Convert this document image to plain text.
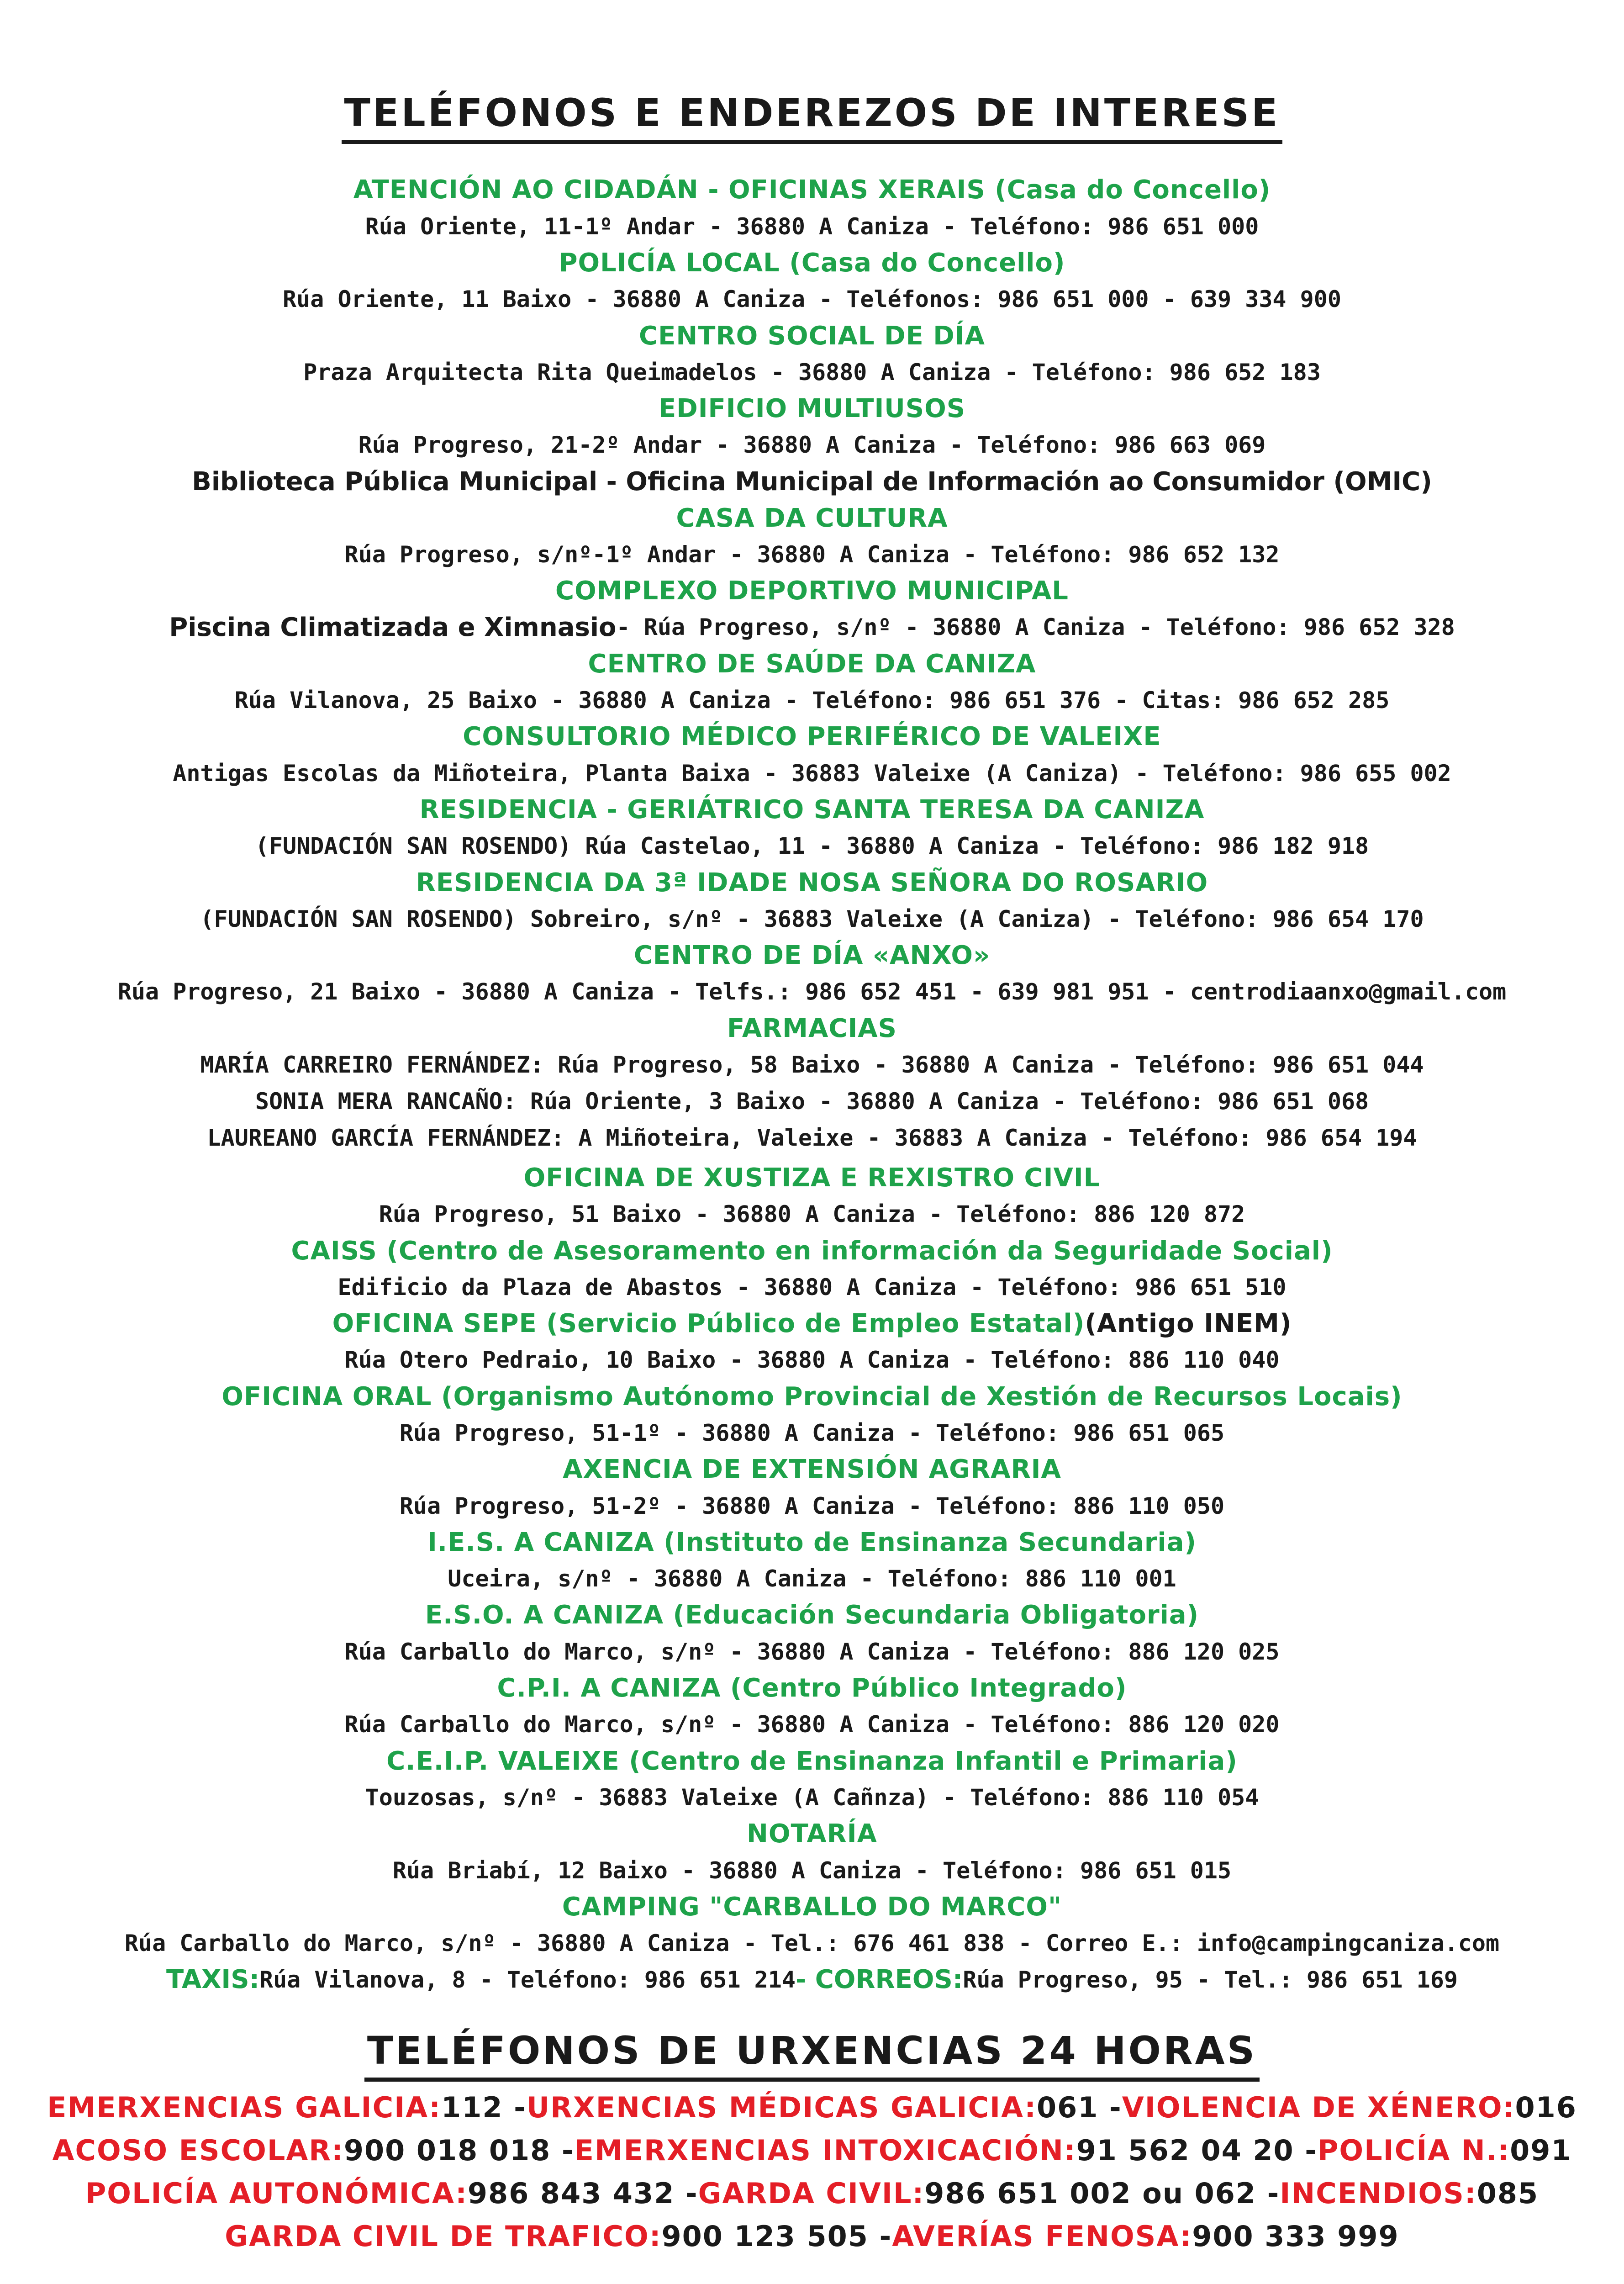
TELÉFONOS E ENDEREZOS DE INTERESE
ATENCIÓN AO CIDADÁN - OFICINAS XERAIS (Casa do Concello)
Rúa Oriente, 11-1º Andar - 36880 A Caniza - Teléfono: 986 651 000
POLICÍA LOCAL (Casa do Concello)
Rúa Oriente, 11 Baixo - 36880 A Caniza - Teléfonos: 986 651 000 - 639 334 900
CENTRO SOCIAL DE DÍA
Praza Arquitecta Rita Queimadelos - 36880 A Caniza - Teléfono: 986 652 183
EDIFICIO MULTIUSOS
Rúa Progreso, 21-2º Andar - 36880 A Caniza - Teléfono: 986 663 069
Biblioteca Pública Municipal - Oficina Municipal de Información ao Consumidor (OMIC)
CASA DA CULTURA
Rúa Progreso, s/nº-1º Andar - 36880 A Caniza - Teléfono: 986 652 132
COMPLEXO DEPORTIVO MUNICIPAL
Piscina Climatizada e Ximnasio - Rúa Progreso, s/nº - 36880 A Caniza - Teléfono: 986 652 328
CENTRO DE SAÚDE DA CANIZA
Rúa Vilanova, 25 Baixo - 36880 A Caniza - Teléfono: 986 651 376 - Citas: 986 652 285
CONSULTORIO MÉDICO PERIFÉRICO DE VALEIXE
Antigas Escolas da Miñoteira, Planta Baixa - 36883 Valeixe (A Caniza) - Teléfono: 986 655 002
RESIDENCIA - GERIÁTRICO SANTA TERESA DA CANIZA
(FUNDACIÓN SAN ROSENDO) Rúa Castelao, 11 - 36880 A Caniza - Teléfono: 986 182 918
RESIDENCIA DA 3ª IDADE NOSA SEÑORA DO ROSARIO
(FUNDACIÓN SAN ROSENDO) Sobreiro, s/nº - 36883 Valeixe (A Caniza) - Teléfono: 986 654 170
CENTRO DE DÍA «ANXO»
Rúa Progreso, 21 Baixo - 36880 A Caniza - Telfs.: 986 652 451 - 639 981 951 - centrodiaanxo@gmail.com
FARMACIAS
MARÍA CARREIRO FERNÁNDEZ: Rúa Progreso, 58 Baixo - 36880 A Caniza - Teléfono: 986 651 044
SONIA MERA RANCAÑO: Rúa Oriente, 3 Baixo - 36880 A Caniza - Teléfono: 986 651 068
LAUREANO GARCÍA FERNÁNDEZ: A Miñoteira, Valeixe - 36883 A Caniza - Teléfono: 986 654 194
OFICINA DE XUSTIZA E REXISTRO CIVIL
Rúa Progreso, 51 Baixo - 36880 A Caniza - Teléfono: 886 120 872
CAISS (Centro de Asesoramento en información da Seguridade Social)
Edificio da Plaza de Abastos - 36880 A Caniza - Teléfono: 986 651 510
OFICINA SEPE (Servicio Público de Empleo Estatal) (Antigo INEM)
Rúa Otero Pedraio, 10 Baixo - 36880 A Caniza - Teléfono: 886 110 040
OFICINA ORAL (Organismo Autónomo Provincial de Xestión de Recursos Locais)
Rúa Progreso, 51-1º - 36880 A Caniza - Teléfono: 986 651 065
AXENCIA DE EXTENSIÓN AGRARIA
Rúa Progreso, 51-2º - 36880 A Caniza - Teléfono: 886 110 050
I.E.S. A CANIZA (Instituto de Ensinanza Secundaria)
Uceira, s/nº - 36880 A Caniza - Teléfono: 886 110 001
E.S.O. A CANIZA (Educación Secundaria Obligatoria)
Rúa Carballo do Marco, s/nº - 36880 A Caniza - Teléfono: 886 120 025
C.P.I. A CANIZA (Centro Público Integrado)
Rúa Carballo do Marco, s/nº - 36880 A Caniza - Teléfono: 886 120 020
C.E.I.P. VALEIXE (Centro de Ensinanza Infantil e Primaria)
Touzosas, s/nº - 36883 Valeixe (A Cañnza) - Teléfono: 886 110 054
NOTARÍA
Rúa Briabí, 12 Baixo - 36880 A Caniza - Teléfono: 986 651 015
CAMPING "CARBALLO DO MARCO"
Rúa Carballo do Marco, s/nº - 36880 A Caniza - Tel.: 676 461 838 - Correo E.: info@campingcaniza.com
TAXIS: Rúa Vilanova, 8 - Teléfono: 986 651 214 - CORREOS: Rúa Progreso, 95 - Tel.: 986 651 169
TELÉFONOS DE URXENCIAS 24 HORAS
EMERXENCIAS GALICIA: 112 - URXENCIAS MÉDICAS GALICIA: 061 - VIOLENCIA DE XÉNERO: 016
ACOSO ESCOLAR: 900 018 018 - EMERXENCIAS INTOXICACIÓN: 91 562 04 20 - POLICÍA N.: 091
POLICÍA AUTONÓMICA: 986 843 432 - GARDA CIVIL: 986 651 002 ou 062 - INCENDIOS: 085
GARDA CIVIL DE TRAFICO: 900 123 505 - AVERÍAS FENOSA: 900 333 999
